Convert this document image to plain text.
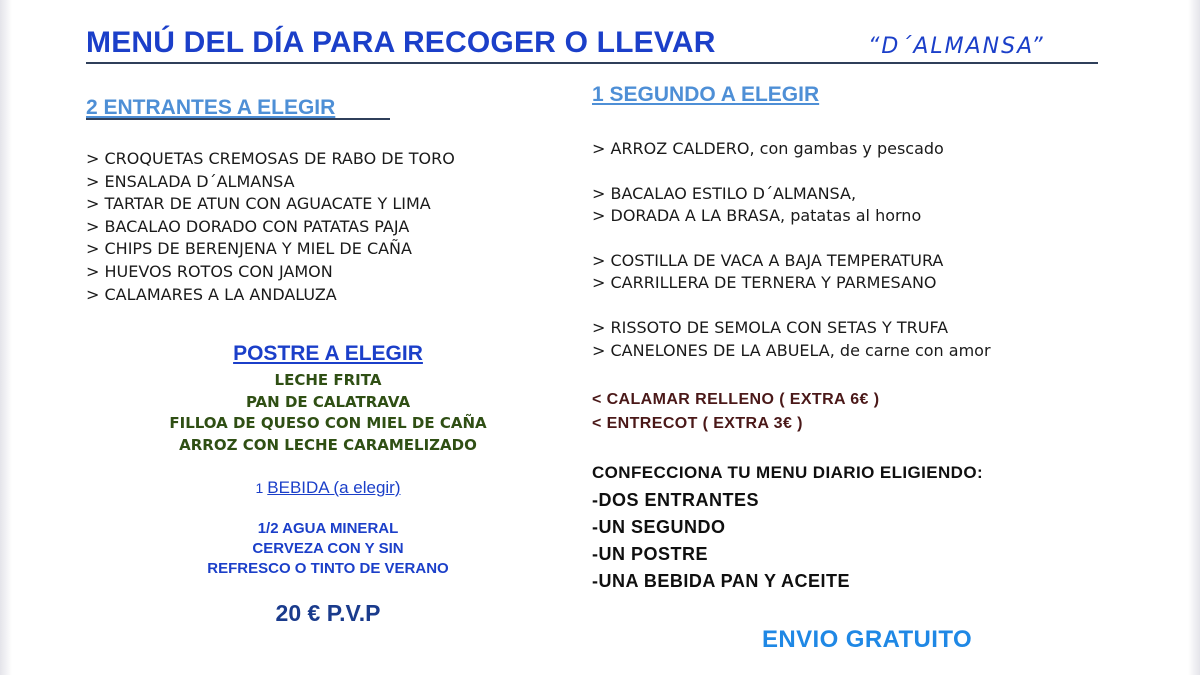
MENÚ DEL DÍA PARA RECOGER O LLEVAR	“D´ALMANSA”
2 ENTRANTES A ELEGIR
> CROQUETAS CREMOSAS DE RABO DE TORO
> ENSALADA D´ALMANSA
> TARTAR DE ATUN CON AGUACATE Y LIMA
> BACALAO DORADO CON PATATAS PAJA
> CHIPS DE BERENJENA Y MIEL DE CAÑA
> HUEVOS ROTOS CON JAMON
> CALAMARES A LA ANDALUZA
POSTRE A ELEGIR
LECHE FRITA
PAN DE CALATRAVA
FILLOA DE QUESO CON MIEL DE CAÑA
ARROZ CON LECHE CARAMELIZADO
1 BEBIDA (a elegir)
1/2 AGUA MINERAL
CERVEZA CON Y SIN
REFRESCO O TINTO DE VERANO
20 € P.V.P
1 SEGUNDO A ELEGIR
> ARROZ CALDERO, con gambas y pescado
> BACALAO ESTILO D´ALMANSA,
> DORADA A LA BRASA, patatas al horno
> COSTILLA DE VACA A BAJA TEMPERATURA
> CARRILLERA DE TERNERA Y PARMESANO
> RISSOTO DE SEMOLA CON SETAS Y TRUFA
> CANELONES DE LA ABUELA, de carne con amor
< CALAMAR RELLENO ( EXTRA 6€ )
< ENTRECOT ( EXTRA 3€ )
CONFECCIONA TU MENU DIARIO ELIGIENDO:
-DOS ENTRANTES
-UN SEGUNDO
-UN POSTRE
-UNA BEBIDA PAN Y ACEITE
ENVIO GRATUITO
